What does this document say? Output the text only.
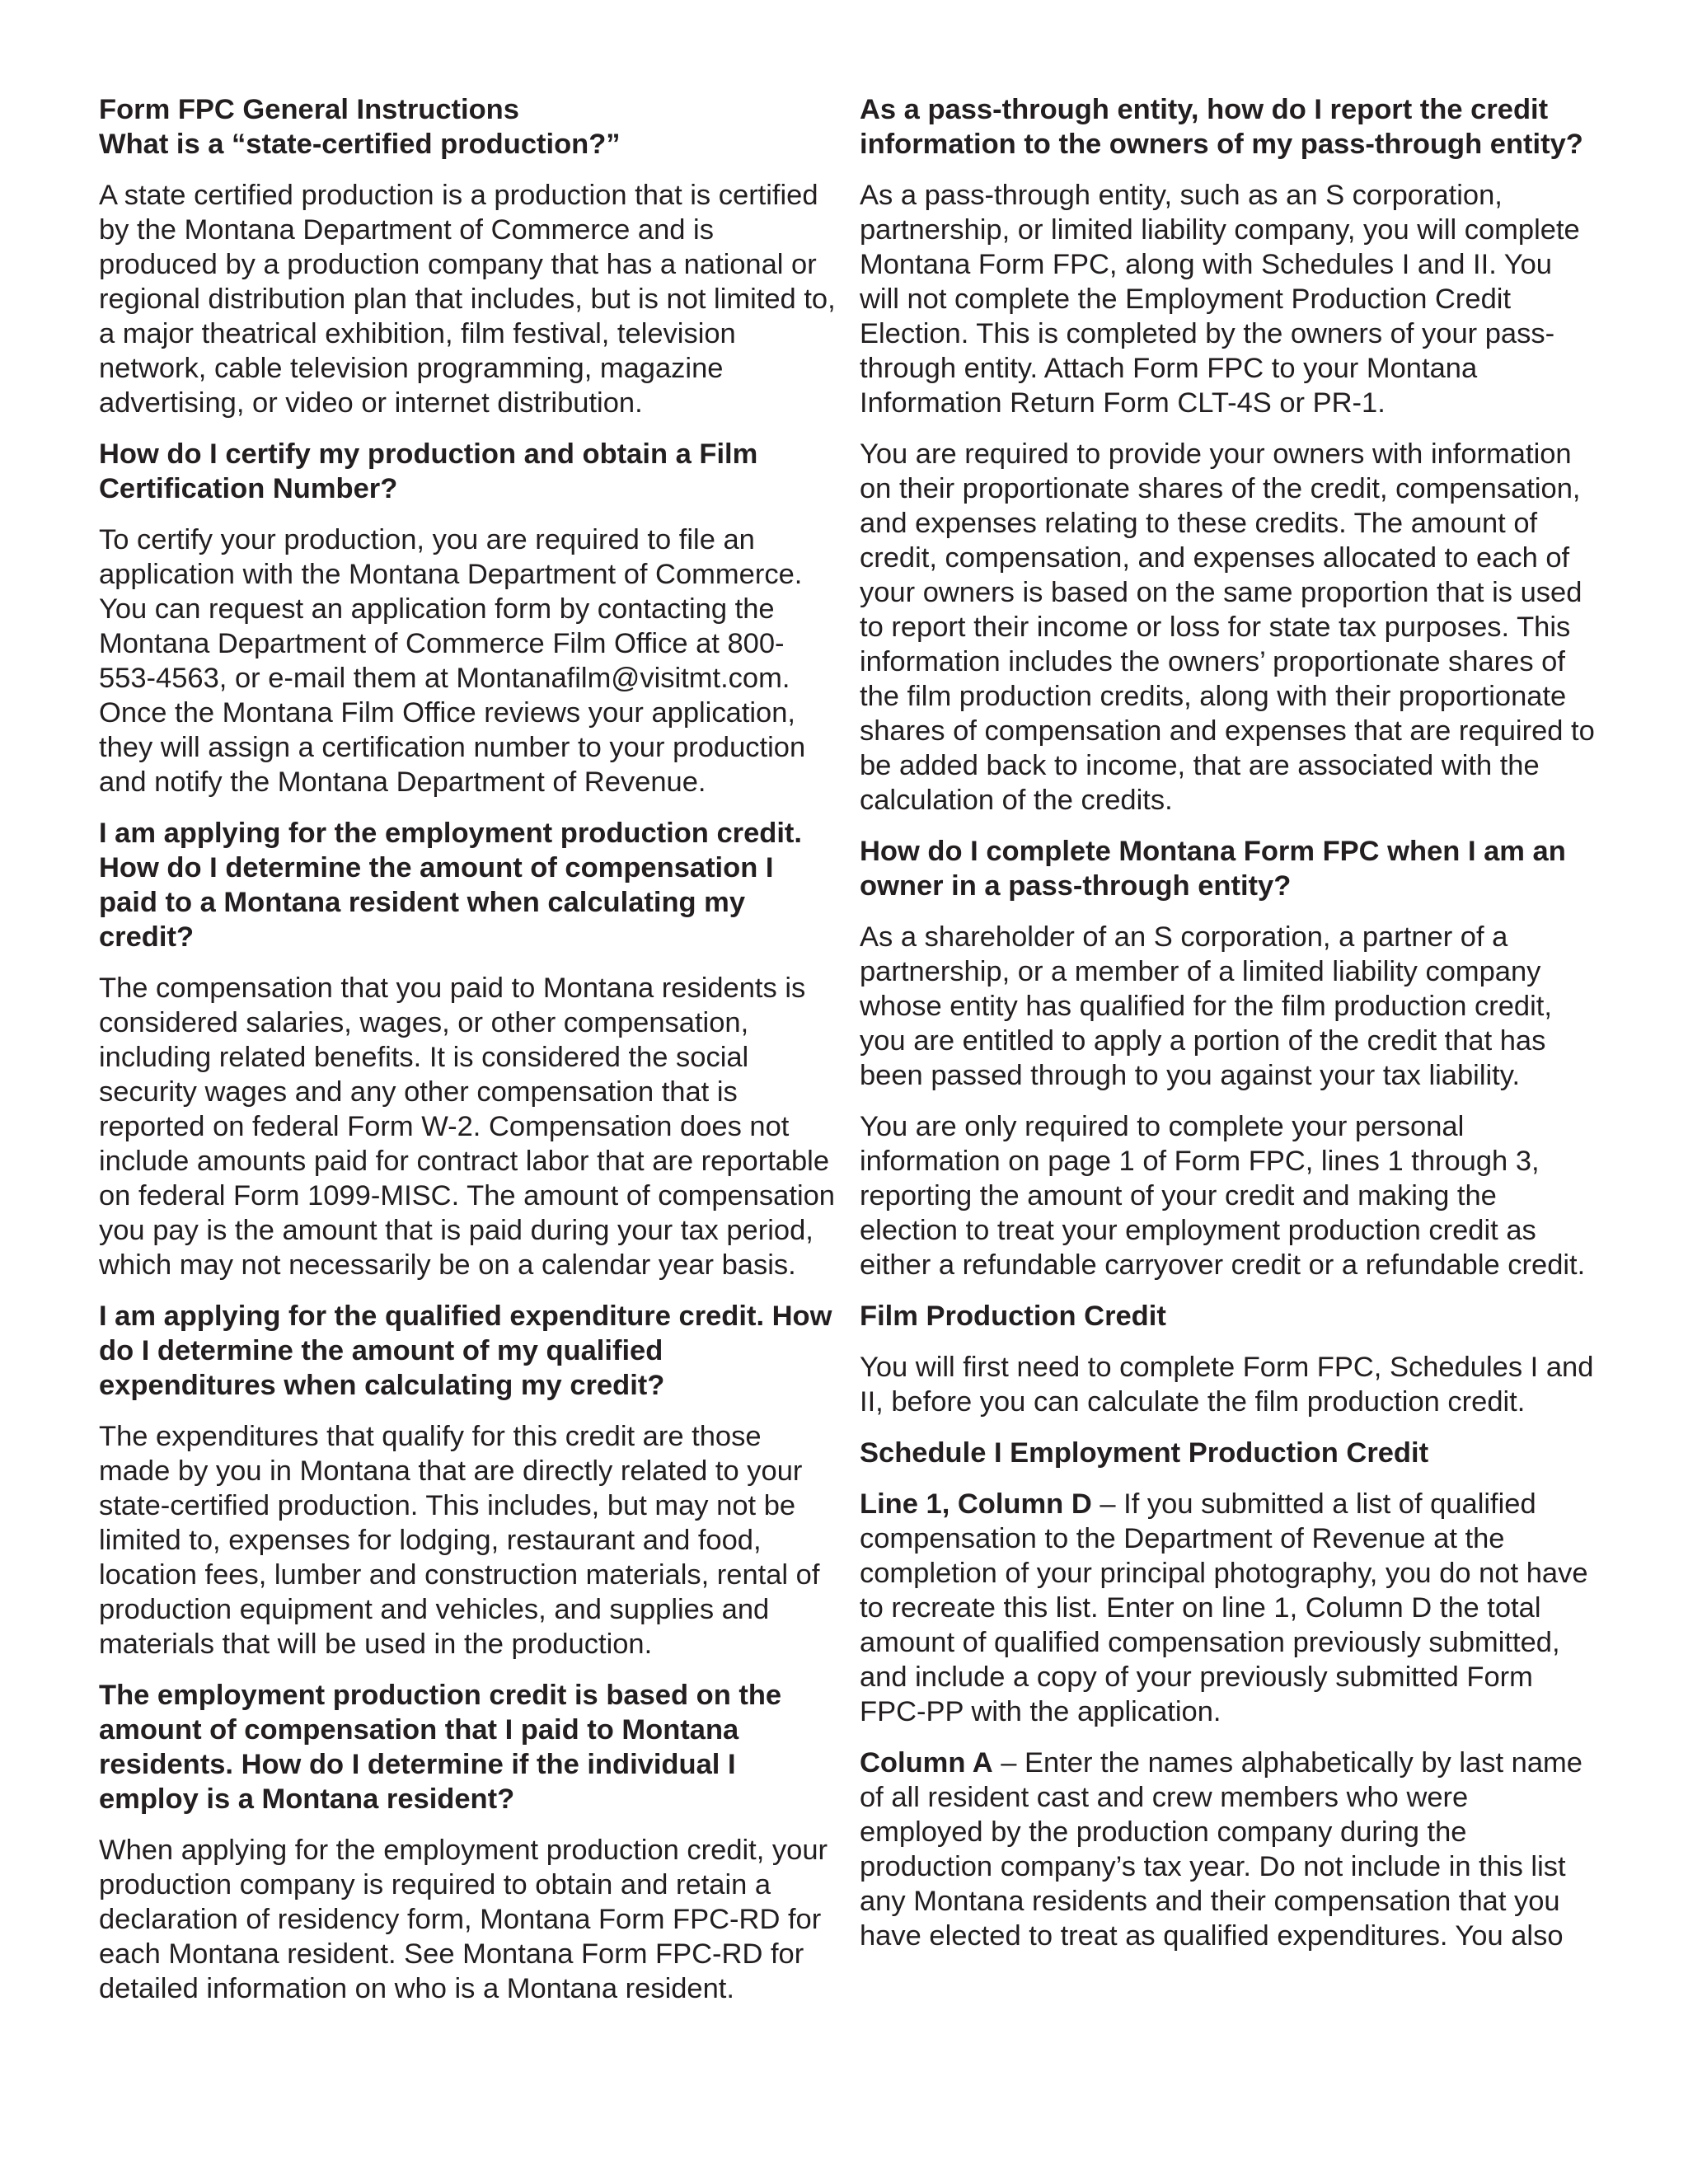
Form FPC General Instructions

What is a “state-certified production?”

A state certified production is a production that is certified by the Montana Department of Commerce and is produced by a production company that has a national or regional distribution plan that includes, but is not limited to, a major theatrical exhibition, film festival, television network, cable television programming, magazine advertising, or video or internet distribution.

How do I certify my production and obtain a Film Certification Number?

To certify your production, you are required to file an application with the Montana Department of Commerce. You can request an application form by contacting the Montana Department of Commerce Film Office at 800-553-4563, or e-mail them at Montanafilm@visitmt.com. Once the Montana Film Office reviews your application, they will assign a certification number to your production and notify the Montana Department of Revenue.

I am applying for the employment production credit. How do I determine the amount of compensation I paid to a Montana resident when calculating my credit?

The compensation that you paid to Montana residents is considered salaries, wages, or other compensation, including related benefits. It is considered the social security wages and any other compensation that is reported on federal Form W-2. Compensation does not include amounts paid for contract labor that are reportable on federal Form 1099-MISC. The amount of compensation you pay is the amount that is paid during your tax period, which may not necessarily be on a calendar year basis.

I am applying for the qualified expenditure credit. How do I determine the amount of my qualified expenditures when calculating my credit?

The expenditures that qualify for this credit are those made by you in Montana that are directly related to your state-certified production. This includes, but may not be limited to, expenses for lodging, restaurant and food, location fees, lumber and construction materials, rental of production equipment and vehicles, and supplies and materials that will be used in the production.

The employment production credit is based on the amount of compensation that I paid to Montana residents. How do I determine if the individual I employ is a Montana resident?

When applying for the employment production credit, your production company is required to obtain and retain a declaration of residency form, Montana Form FPC-RD for each Montana resident. See Montana Form FPC-RD for detailed information on who is a Montana resident.

As a pass-through entity, how do I report the credit information to the owners of my pass-through entity?

As a pass-through entity, such as an S corporation, partnership, or limited liability company, you will complete Montana Form FPC, along with Schedules I and II. You will not complete the Employment Production Credit Election. This is completed by the owners of your pass-through entity. Attach Form FPC to your Montana Information Return Form CLT-4S or PR-1.

You are required to provide your owners with information on their proportionate shares of the credit, compensation, and expenses relating to these credits. The amount of credit, compensation, and expenses allocated to each of your owners is based on the same proportion that is used to report their income or loss for state tax purposes. This information includes the owners’ proportionate shares of the film production credits, along with their proportionate shares of compensation and expenses that are required to be added back to income, that are associated with the calculation of the credits.

How do I complete Montana Form FPC when I am an owner in a pass-through entity?

As a shareholder of an S corporation, a partner of a partnership, or a member of a limited liability company whose entity has qualified for the film production credit, you are entitled to apply a portion of the credit that has been passed through to you against your tax liability.

You are only required to complete your personal information on page 1 of Form FPC, lines 1 through 3, reporting the amount of your credit and making the election to treat your employment production credit as either a refundable carryover credit or a refundable credit.

Film Production Credit

You will first need to complete Form FPC, Schedules I and II, before you can calculate the film production credit.

Schedule I Employment Production Credit

Line 1, Column D – If you submitted a list of qualified compensation to the Department of Revenue at the completion of your principal photography, you do not have to recreate this list. Enter on line 1, Column D the total amount of qualified compensation previously submitted, and include a copy of your previously submitted Form FPC-PP with the application.

Column A – Enter the names alphabetically by last name of all resident cast and crew members who were employed by the production company during the production company’s tax year. Do not include in this list any Montana residents and their compensation that you have elected to treat as qualified expenditures. You also
